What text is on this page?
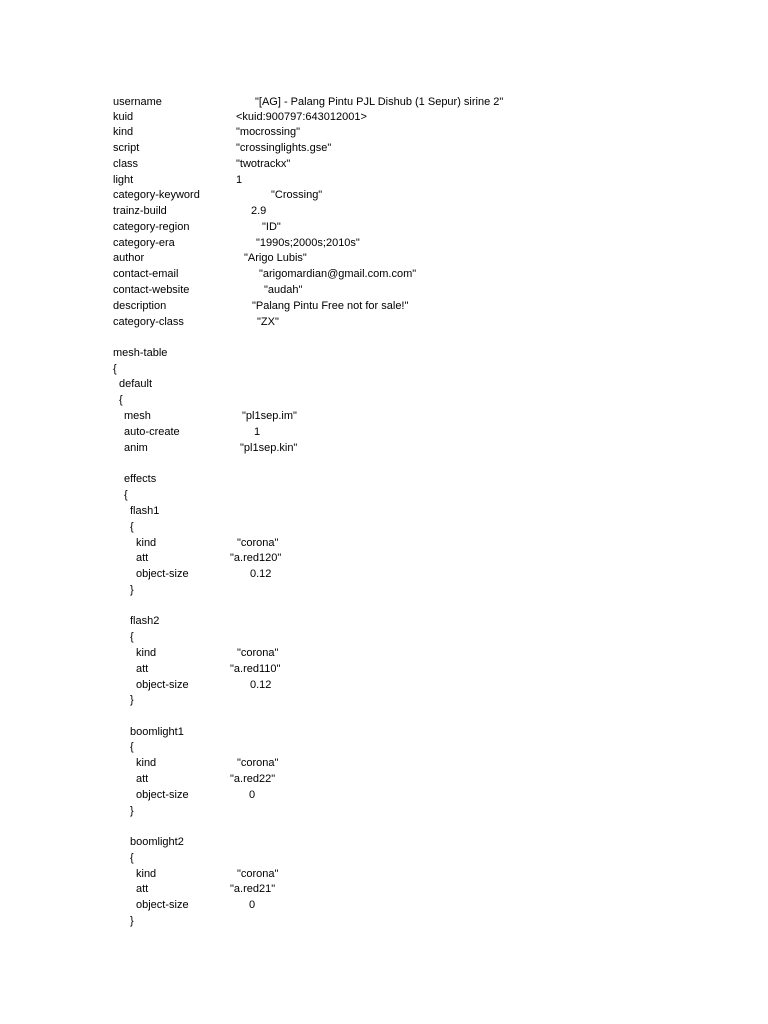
username	"[AG] - Palang Pintu PJL Dishub (1 Sepur) sirine 2"
kuid	<kuid:900797:643012001>
kind	"mocrossing"
script	"crossinglights.gse"
class	"twotrackx"
light	1
category-keyword	"Crossing"
trainz-build	2.9
category-region	"ID"
category-era	"1990s;2000s;2010s"
author	"Arigo Lubis"
contact-email	"arigomardian@gmail.com.com"
contact-website	"audah"
description	"Palang Pintu Free not for sale!"
category-class	"ZX"
mesh-table
{
default
{
mesh	"pl1sep.im"
auto-create	1
anim	"pl1sep.kin"
effects
{
flash1
{
kind	"corona"
att	"a.red120"
object-size	0.12
}
flash2
{
kind	"corona"
att	"a.red110"
object-size	0.12
}
boomlight1
{
kind	"corona"
att	"a.red22"
object-size	0
}
boomlight2
{
kind	"corona"
att	"a.red21"
object-size	0
}
